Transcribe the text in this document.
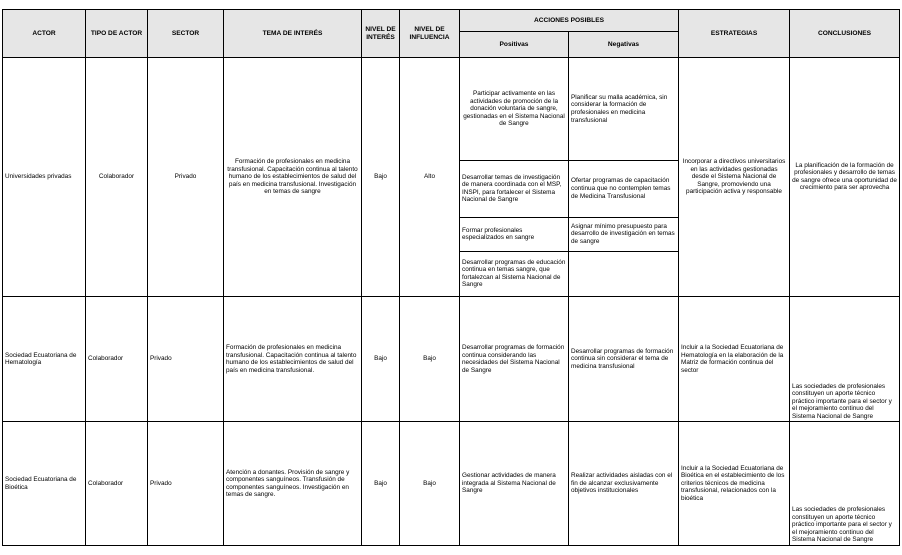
ACTOR	TIPO DE ACTOR	SECTOR	TEMA DE INTERÉS	NIVEL DE INTERÉS	NIVEL DE INFLUENCIA	ACCIONES POSIBLES		ESTRATEGIAS	CONCLUSIONES
						Positivas	Negativas		
Universidades privadas	Colaborador	Privado	Formación de profesionales en medicina transfusional. Capacitación continua al talento humano de los establecimientos de salud del país en medicina transfusional. Investigación en temas de sangre	Bajo	Alto	Participar activamente en las actividades de promoción de la donación voluntaria de sangre, gestionadas en el Sistema Nacional de Sangre	Planificar su malla académica, sin considerar la formación de profesionales en medicina transfusional	Incorporar a directivos universitarios en las actividades gestionadas desde el Sistema Nacional de Sangre, promoviendo una participación activa y responsable	La planificación de la formación de profesionales y desarrollo de temas de sangre ofrece una oportunidad de crecimiento para ser aprovecha
						Desarrollar temas de investigación de manera coordinada con el MSP, INSPI, para fortalecer el Sistema Nacional de Sangre	Ofertar programas de capacitación continua que no contemplen temas de Medicina Transfusional		
						Formar profesionales especializados en sangre	Asignar mínimo presupuesto para desarrollo de investigación en temas de sangre		
						Desarrollar programas de educación continua en temas sangre, que fortalezcan al Sistema Nacional de Sangre			
Sociedad Ecuatoriana de Hematología	Colaborador	Privado	Formación de profesionales en medicina transfusional. Capacitación continua al talento humano de los establecimientos de salud del país en medicina transfusional.	Bajo	Bajo	Desarrollar programas de formación continua considerando las necesidades del Sistema Nacional de Sangre	Desarrollar programas de formación continua sin considerar el tema de medicina transfusional	Incluir a la Sociedad Ecuatoriana de Hematología en la elaboración de la Matriz de formación continua del sector	Las sociedades de profesionales constituyen un aporte técnico práctico importante para el sector y el mejoramiento continuo del Sistema Nacional de Sangre
Sociedad Ecuatoriana de Bioética	Colaborador	Privado	Atención a donantes. Provisión de sangre y componentes sanguíneos. Transfusión de componentes sanguíneos. Investigación en temas de sangre.	Bajo	Bajo	Gestionar actividades de manera integrada al Sistema Nacional de Sangre	Realizar actividades aisladas con el fin de alcanzar exclusivamente objetivos institucionales	Incluir a la Sociedad Ecuatoriana de Bioética en el establecimiento de los criterios técnicos de medicina transfusional, relacionados con la bioética	Las sociedades de profesionales constituyen un aporte técnico práctico importante para el sector y el mejoramiento continuo del Sistema Nacional de Sangre
